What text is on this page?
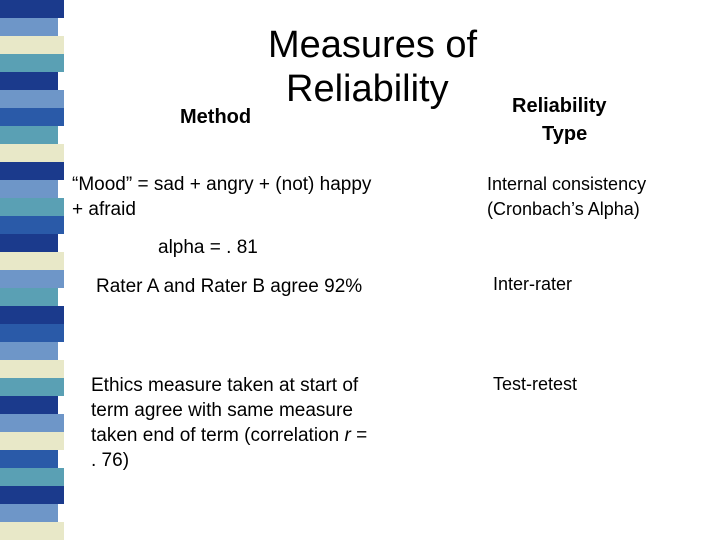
Measures of
Reliability
Method	Reliability
Type
“Mood” = sad + angry + (not) happy
+ afraid
alpha = . 81
Internal consistency
(Cronbach’s Alpha)
Rater A and Rater B agree 92%	Inter-rater
Ethics measure taken at start of
term agree with same measure
taken end of term (correlation r =
. 76)
Test-retest
